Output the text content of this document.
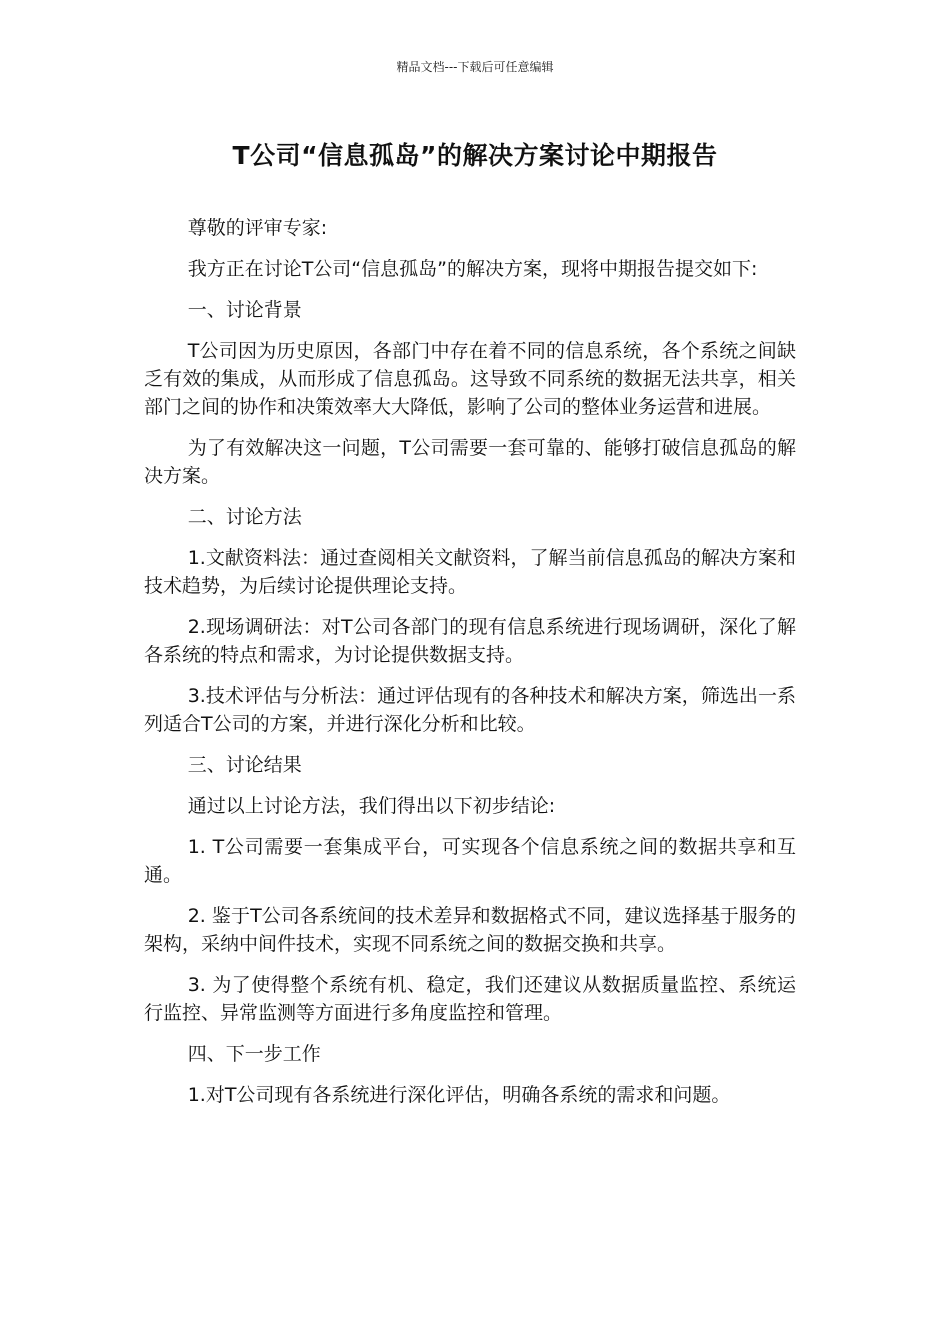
精品文档---下载后可任意编辑
T公司“信息孤岛”的解决方案讨论中期报告

尊敬的评审专家:

我方正在讨论T公司“信息孤岛”的解决方案，现将中期报告提交如下:

一、讨论背景

T公司因为历史原因，各部门中存在着不同的信息系统，各个系统之间缺乏有效的集成，从而形成了信息孤岛。这导致不同系统的数据无法共享，相关部门之间的协作和决策效率大大降低，影响了公司的整体业务运营和进展。

为了有效解决这一问题，T公司需要一套可靠的、能够打破信息孤岛的解决方案。

二、讨论方法

1.文献资料法：通过查阅相关文献资料，了解当前信息孤岛的解决方案和技术趋势，为后续讨论提供理论支持。

2.现场调研法：对T公司各部门的现有信息系统进行现场调研，深化了解各系统的特点和需求，为讨论提供数据支持。

3.技术评估与分析法：通过评估现有的各种技术和解决方案，筛选出一系列适合T公司的方案，并进行深化分析和比较。

三、讨论结果

通过以上讨论方法，我们得出以下初步结论:

1. T公司需要一套集成平台，可实现各个信息系统之间的数据共享和互通。

2. 鉴于T公司各系统间的技术差异和数据格式不同，建议选择基于服务的架构，采纳中间件技术，实现不同系统之间的数据交换和共享。

3. 为了使得整个系统有机、稳定，我们还建议从数据质量监控、系统运行监控、异常监测等方面进行多角度监控和管理。

四、下一步工作

1.对T公司现有各系统进行深化评估，明确各系统的需求和问题。
